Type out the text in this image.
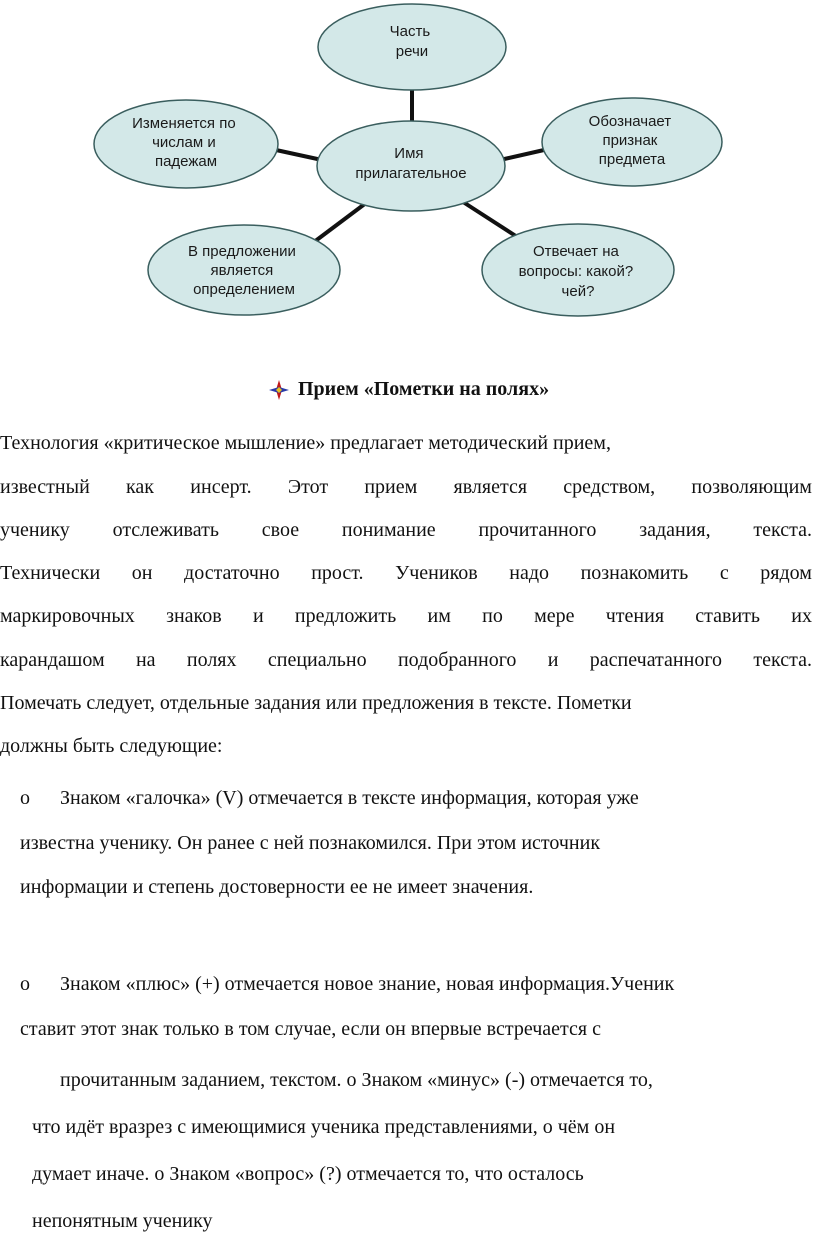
Часть речи
Изменяется по числам и падежам
Обозначает признак предмета
Имя прилагательное
В предложении является определением
Отвечает на вопросы: какой? чей?
Прием «Пометки на полях»
Технология «критическое мышление» предлагает методический прием,
известный как инсерт. Этот прием является средством, позволяющим
ученику отслеживать свое понимание прочитанного задания, текста.
Технически он достаточно прост. Учеников надо познакомить с рядом
маркировочных знаков и предложить им по мере чтения ставить их
карандашом на полях специально подобранного и распечатанного текста.
Помечать следует, отдельные задания или предложения в тексте. Пометки
должны быть следующие:
o Знаком «галочка» (V) отмечается в тексте информация, которая уже
известна ученику. Он ранее с ней познакомился. При этом источник
информации и степень достоверности ее не имеет значения.
o Знаком «плюс» (+) отмечается новое знание, новая информация.Ученик
ставит этот знак только в том случае, если он впервые встречается с
прочитанным заданием, текстом. o Знаком «минус» (-) отмечается то,
что идёт вразрез с имеющимися ученика представлениями, о чём он
думает иначе. o Знаком «вопрос» (?) отмечается то, что осталось
непонятным ученику
